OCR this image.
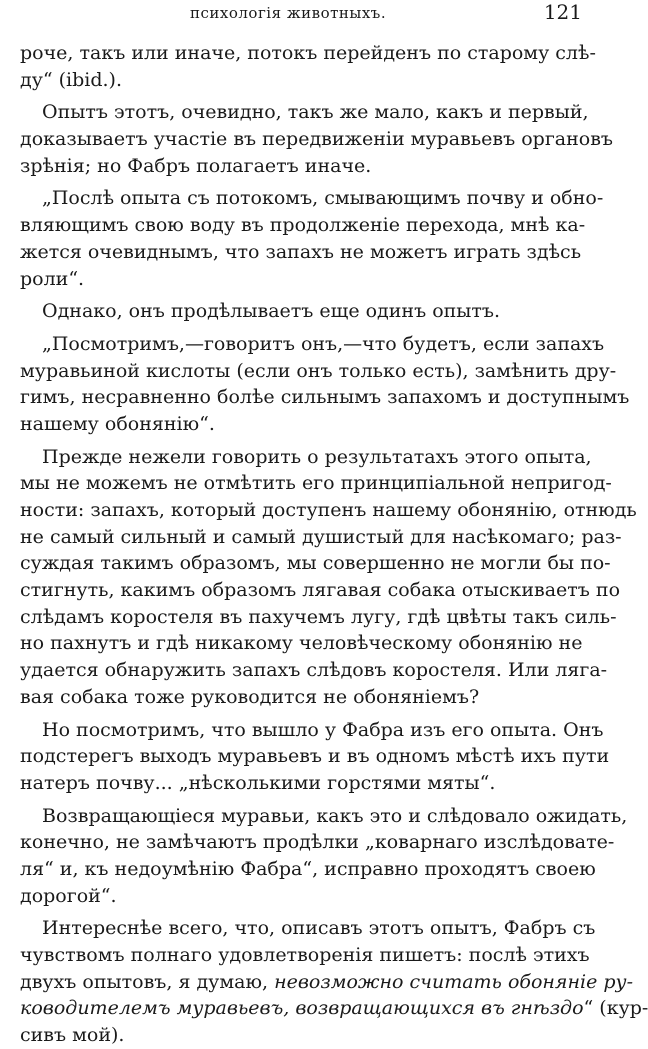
психологія животныхъ.	121
роче, такъ или иначе, потокъ перейденъ по старому слѣ-
ду“ (ibid.).
Опытъ этотъ, очевидно, такъ же мало, какъ и первый,
доказываетъ участіе въ передвиженіи муравьевъ органовъ
зрѣнія; но Фабръ полагаетъ иначе.
„Послѣ опыта съ потокомъ, смывающимъ почву и обно-
вляющимъ свою воду въ продолженіе перехода, мнѣ ка-
жется очевиднымъ, что запахъ не можетъ играть здѣсь
роли“.
Однако, онъ продѣлываетъ еще одинъ опытъ.
„Посмотримъ,—говоритъ онъ,—что будетъ, если запахъ
муравьиной кислоты (если онъ только есть), замѣнить дру-
гимъ, несравненно болѣе сильнымъ запахомъ и доступнымъ
нашему обонянію“.
Прежде нежели говорить о результатахъ этого опыта,
мы не можемъ не отмѣтить его принципіальной непригод-
ности: запахъ, который доступенъ нашему обонянію, отнюдь
не самый сильный и самый душистый для насѣкомаго; раз-
суждая такимъ образомъ, мы совершенно не могли бы по-
стигнуть, какимъ образомъ лягавая собака отыскиваетъ по
слѣдамъ коростеля въ пахучемъ лугу, гдѣ цвѣты такъ силь-
но пахнутъ и гдѣ никакому человѣческому обонянію не
удается обнаружить запахъ слѣдовъ коростеля. Или ляга-
вая собака тоже руководится не обоняніемъ?
Но посмотримъ, что вышло у Фабра изъ его опыта. Онъ
подстерегъ выходъ муравьевъ и въ одномъ мѣстѣ ихъ пути
натеръ почву... „нѣсколькими горстями мяты“.
Возвращающіеся муравьи, какъ это и слѣдовало ожидать,
конечно, не замѣчаютъ продѣлки „коварнаго изслѣдовате-
ля“ и, къ недоумѣнію Фабра“, исправно проходятъ своею
дорогой“.
Интереснѣе всего, что, описавъ этотъ опытъ, Фабръ съ
чувствомъ полнаго удовлетворенія пишетъ: послѣ этихъ
двухъ опытовъ, я думаю, невозможно считать обоняніе ру-
ководителемъ муравьевъ, возвращающихся въ гнѣздо“ (кур-
сивъ мой).
